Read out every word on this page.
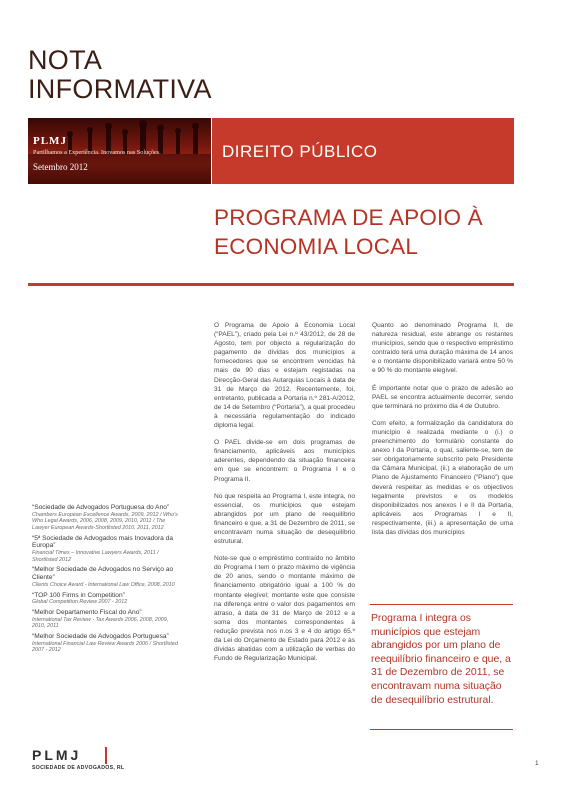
NOTA
INFORMATIVA
PLMJ
Partilhamos a Experiência. Inovamos nas Soluções.
Setembro 2012
DIREITO PÚBLICO
PROGRAMA DE APOIO À
ECONOMIA LOCAL

O Programa de Apoio à Economia Local (“PAEL”), criado pela Lei n.º 43/2012, de 28 de Agosto, tem por objecto a regularização do pagamento de dívidas dos municípios a fornecedores que se encontrem vencidas há mais de 90 dias e estejam registadas na Direcção-Geral das Autarquias Locais à data de 31 de Março de 2012. Recentemente, foi, entretanto, publicada a Portaria n.º 281-A/2012, de 14 de Setembro (“Portaria”), a qual procedeu à necessária regulamentação do indicado diploma legal.

O PAEL divide-se em dois programas de financiamento, aplicáveis aos municípios aderentes, dependendo da situação financeira em que se encontrem: o Programa I e o Programa II.

No que respeita ao Programa I, este integra, no essencial, os municípios que estejam abrangidos por um plano de reequilíbrio financeiro e que, a 31 de Dezembro de 2011, se encontravam numa situação de desequilíbrio estrutural.

Note-se que o empréstimo contraído no âmbito do Programa I tem o prazo máximo de vigência de 20 anos, sendo o montante máximo de financiamento obrigatório igual a 100 % do montante elegível; montante este que consiste na diferença entre o valor dos pagamentos em atraso, à data de 31 de Março de 2012 e a soma dos montantes correspondentes à redução prevista nos n.os 3 e 4 do artigo 65.º da Lei do Orçamento de Estado para 2012 e às dívidas abatidas com a utilização de verbas do Fundo de Regularização Municipal.

Quanto ao denominado Programa II, de natureza residual, este abrange os restantes municípios, sendo que o respectivo empréstimo contraído terá uma duração máxima de 14 anos e o montante disponibilizado variará entre 50 % e 90 % do montante elegível.

É importante notar que o prazo de adesão ao PAEL se encontra actualmente decorrer, sendo que terminará no próximo dia 4 de Outubro.

Com efeito, a formalização da candidatura do município é realizada mediante o (i.) o preenchimento do formulário constante do anexo I da Portaria, o qual, saliente-se, tem de ser obrigatoriamente subscrito pelo Presidente da Câmara Municipal, (ii.) a elaboração de um Plano de Ajustamento Financeiro (“Plano”) que deverá respeitar as medidas e os objectivos legalmente previstos e os modelos disponibilizados nos anexos I e II da Portaria, aplicáveis aos Programas I e II, respectivamente, (iii.) a apresentação de uma lista das dívidas dos municípios

Programa I integra os municípios que estejam abrangidos por um plano de reequilíbrio financeiro e que, a 31 de Dezembro de 2011, se encontravam numa situação de desequilíbrio estrutural.
“Sociedade de Advogados Portuguesa do Ano”
Chambers European Excellence Awards, 2009, 2012 / Who’s Who Legal Awards, 2006, 2008, 2009, 2010, 2011 / The Lawyer European Awards-Shortlisted 2010, 2011, 2012
“5ª Sociedade de Advogados mais Inovadora da Europa”
Financial Times – Innovative Lawyers Awards, 2011 / Shortlisted 2012
“Melhor Sociedade de Advogados no Serviço ao Cliente”
Clients Choice Award - International Law Office, 2008, 2010
“TOP 100 Firms in Competition”
Global Competition Review 2007 - 2012
“Melhor Departamento Fiscal do Ano”
International Tax Review - Tax Awards 2006, 2008, 2009, 2010, 2011
“Melhor Sociedade de Advogados Portuguesa”
International Financial Law Review Awards 2006 / Shortlisted 2007 - 2012
PLMJ
SOCIEDADE DE ADVOGADOS, RL
1
